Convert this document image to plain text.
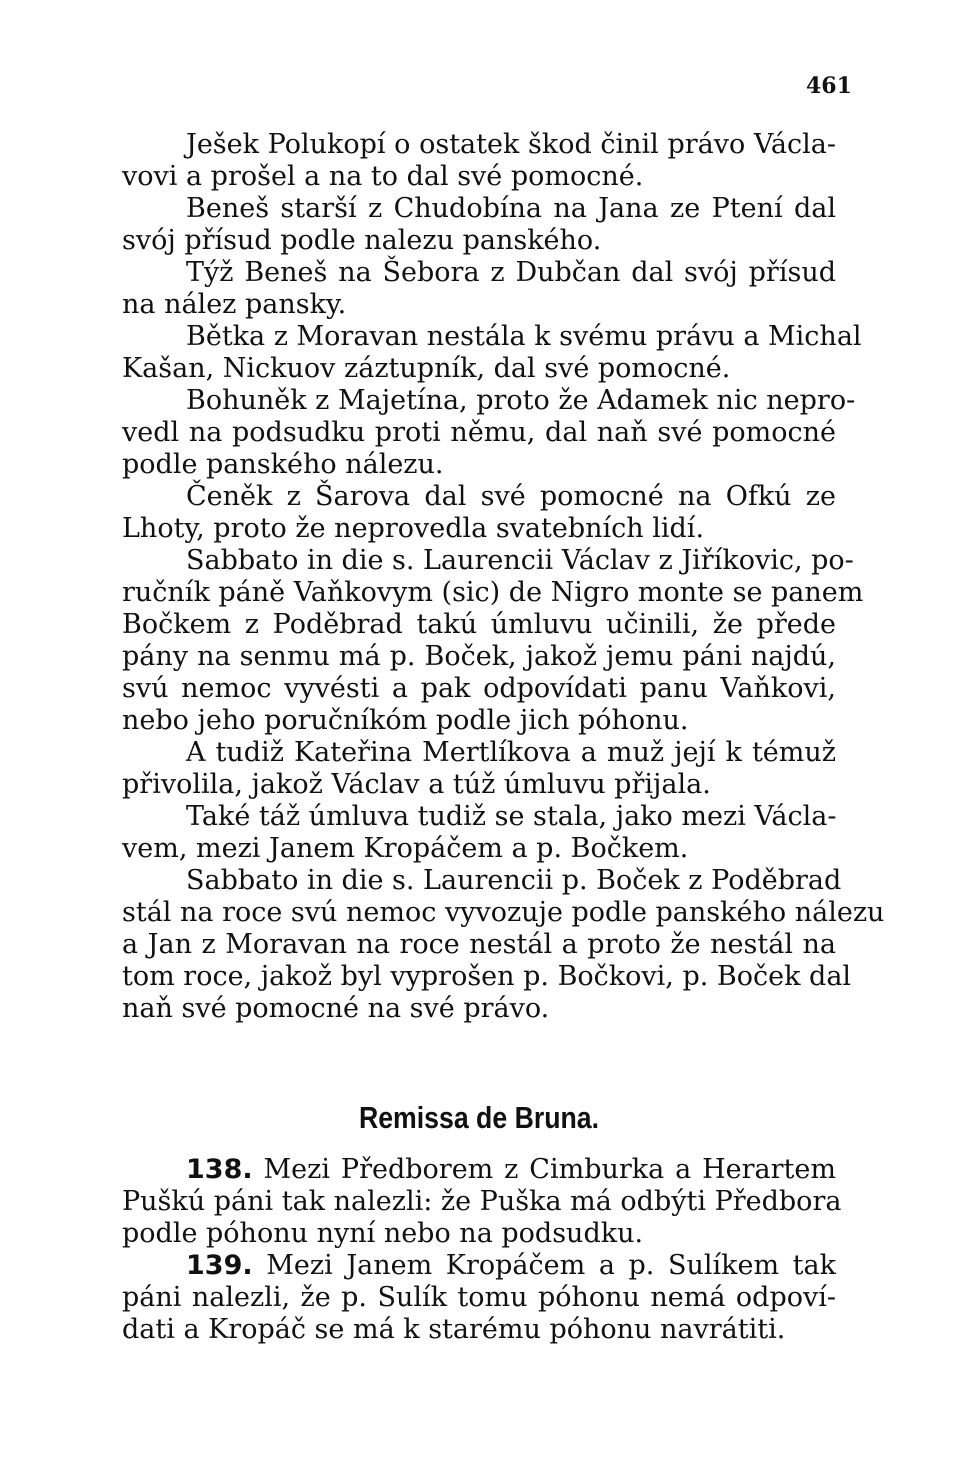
461
Ješek Polukopí o ostatek škod činil právo Václa-
vovi a prošel a na to dal své pomocné.
Beneš starší z Chudobína na Jana ze Ptení dal
svój přísud podle nalezu panského.
Týž Beneš na Šebora z Dubčan dal svój přísud
na nález pansky.
Bětka z Moravan nestála k svému právu a Michal
Kašan, Nickuov záztupník, dal své pomocné.
Bohuněk z Majetína, proto že Adamek nic nepro-
vedl na podsudku proti němu, dal naň své pomocné
podle panského nálezu.
Čeněk z Šarova dal své pomocné na Ofkú ze
Lhoty, proto že neprovedla svatebních lidí.
Sabbato in die s. Laurencii Václav z Jiříkovic, po-
ručník páně Vaňkovym (sic) de Nigro monte se panem
Bočkem z Poděbrad takú úmluvu učinili, že přede
pány na senmu má p. Boček, jakož jemu páni najdú,
svú nemoc vyvésti a pak odpovídati panu Vaňkovi,
nebo jeho poručníkóm podle jich póhonu.
A tudiž Kateřina Mertlíkova a muž její k témuž
přivolila, jakož Václav a túž úmluvu přijala.
Také táž úmluva tudiž se stala, jako mezi Václa-
vem, mezi Janem Kropáčem a p. Bočkem.
Sabbato in die s. Laurencii p. Boček z Poděbrad
stál na roce svú nemoc vyvozuje podle panského nálezu
a Jan z Moravan na roce nestál a proto že nestál na
tom roce, jakož byl vyprošen p. Bočkovi, p. Boček dal
naň své pomocné na své právo.
Remissa de Bruna.
138. Mezi Předborem z Cimburka a Herartem
Puškú páni tak nalezli: že Puška má odbýti Předbora
podle póhonu nyní nebo na podsudku.
139. Mezi Janem Kropáčem a p. Sulíkem tak
páni nalezli, že p. Sulík tomu póhonu nemá odpoví-
dati a Kropáč se má k starému póhonu navrátiti.
